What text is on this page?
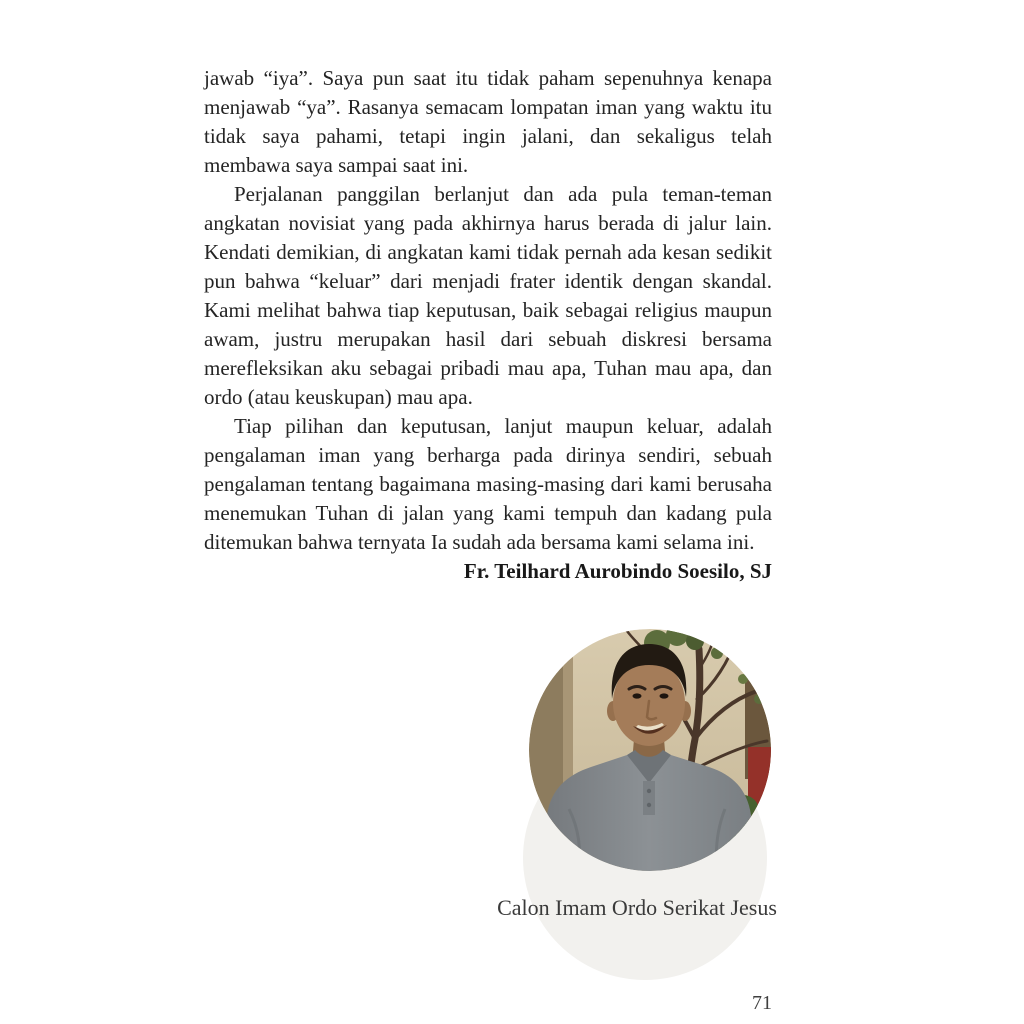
jawab “iya”. Saya pun saat itu tidak paham sepenuhnya kenapa menjawab “ya”. Rasanya semacam lompatan iman yang waktu itu tidak saya pahami, tetapi ingin jalani, dan sekaligus telah membawa saya sampai saat ini.

Perjalanan panggilan berlanjut dan ada pula teman-teman angkatan novisiat yang pada akhirnya harus berada di jalur lain. Kendati demikian, di angkatan kami tidak pernah ada kesan sedikit pun bahwa “keluar” dari menjadi frater identik dengan skandal. Kami melihat bahwa tiap keputusan, baik sebagai religius maupun awam, justru merupakan hasil dari sebuah diskresi bersama merefleksikan aku sebagai pribadi mau apa, Tuhan mau apa, dan ordo (atau keuskupan) mau apa.

Tiap pilihan dan keputusan, lanjut maupun keluar, adalah pengalaman iman yang berharga pada dirinya sendiri, sebuah pengalaman tentang bagaimana masing-masing dari kami berusaha menemukan Tuhan di jalan yang kami tempuh dan kadang pula ditemukan bahwa ternyata Ia sudah ada bersama kami selama ini.

Fr. Teilhard Aurobindo Soesilo, SJ

Calon Imam Ordo Serikat Jesus
71
